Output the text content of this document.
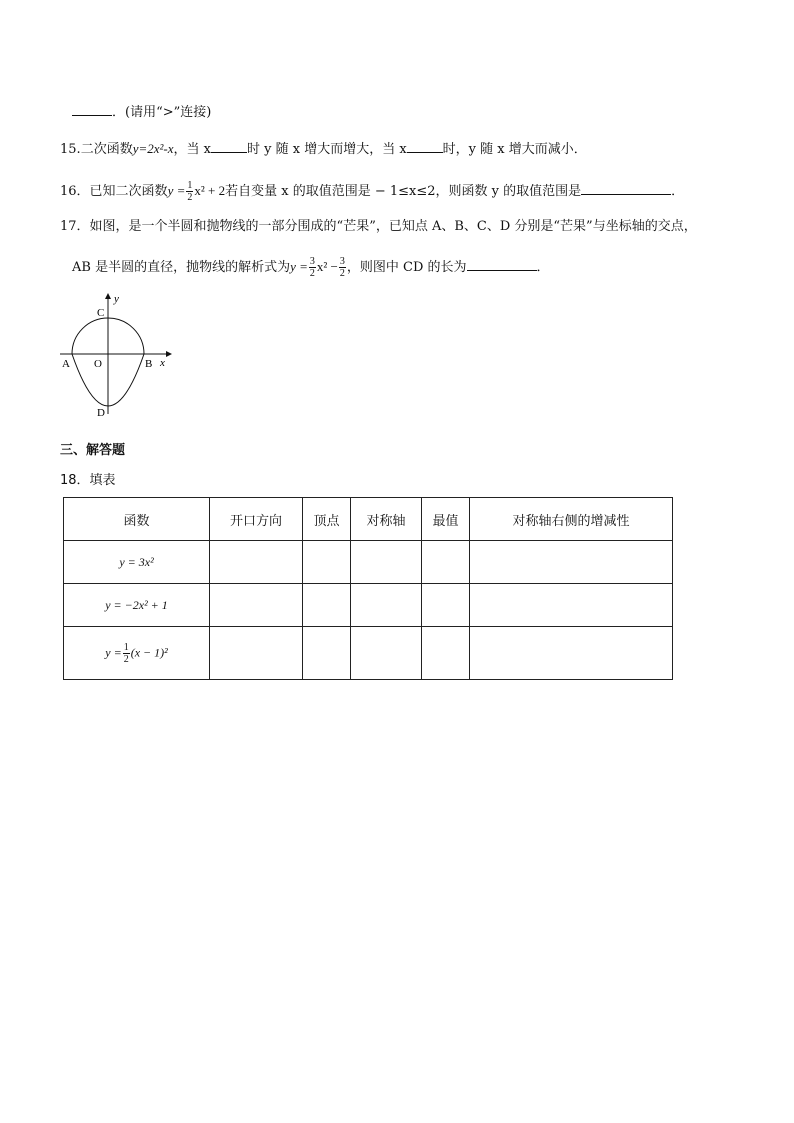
．(请用“>”连接)
15.二次函数y=2x²-x，当 x	时 y 随 x 增大而增大，当 x	时，y 随 x 增大而减小．
16．已知二次函数$y = \frac{1}{2} x^2 + 2$若自变量 x 的取值范围是 − 1≤x≤2，则函数 y 的取值范围是	．
17．如图，是一个半圆和抛物线的一部分围成的“芒果”，已知点 A、B、C、D 分别是“芒果”与坐标轴的交点，
AB 是半圆的直径，抛物线的解析式为$y = \frac{3}{2} x^2 - \frac{3}{2}$ ，则图中 CD 的长为	．
y
x
A	B
C
D
O
三、解答题
18．填表
函数	开口方向	顶点	对称轴	最值	对称轴右侧的增减性
y = 3x²					
y = −2x² + 1					
$y = \frac{1}{2} (x - 1)^2$					
